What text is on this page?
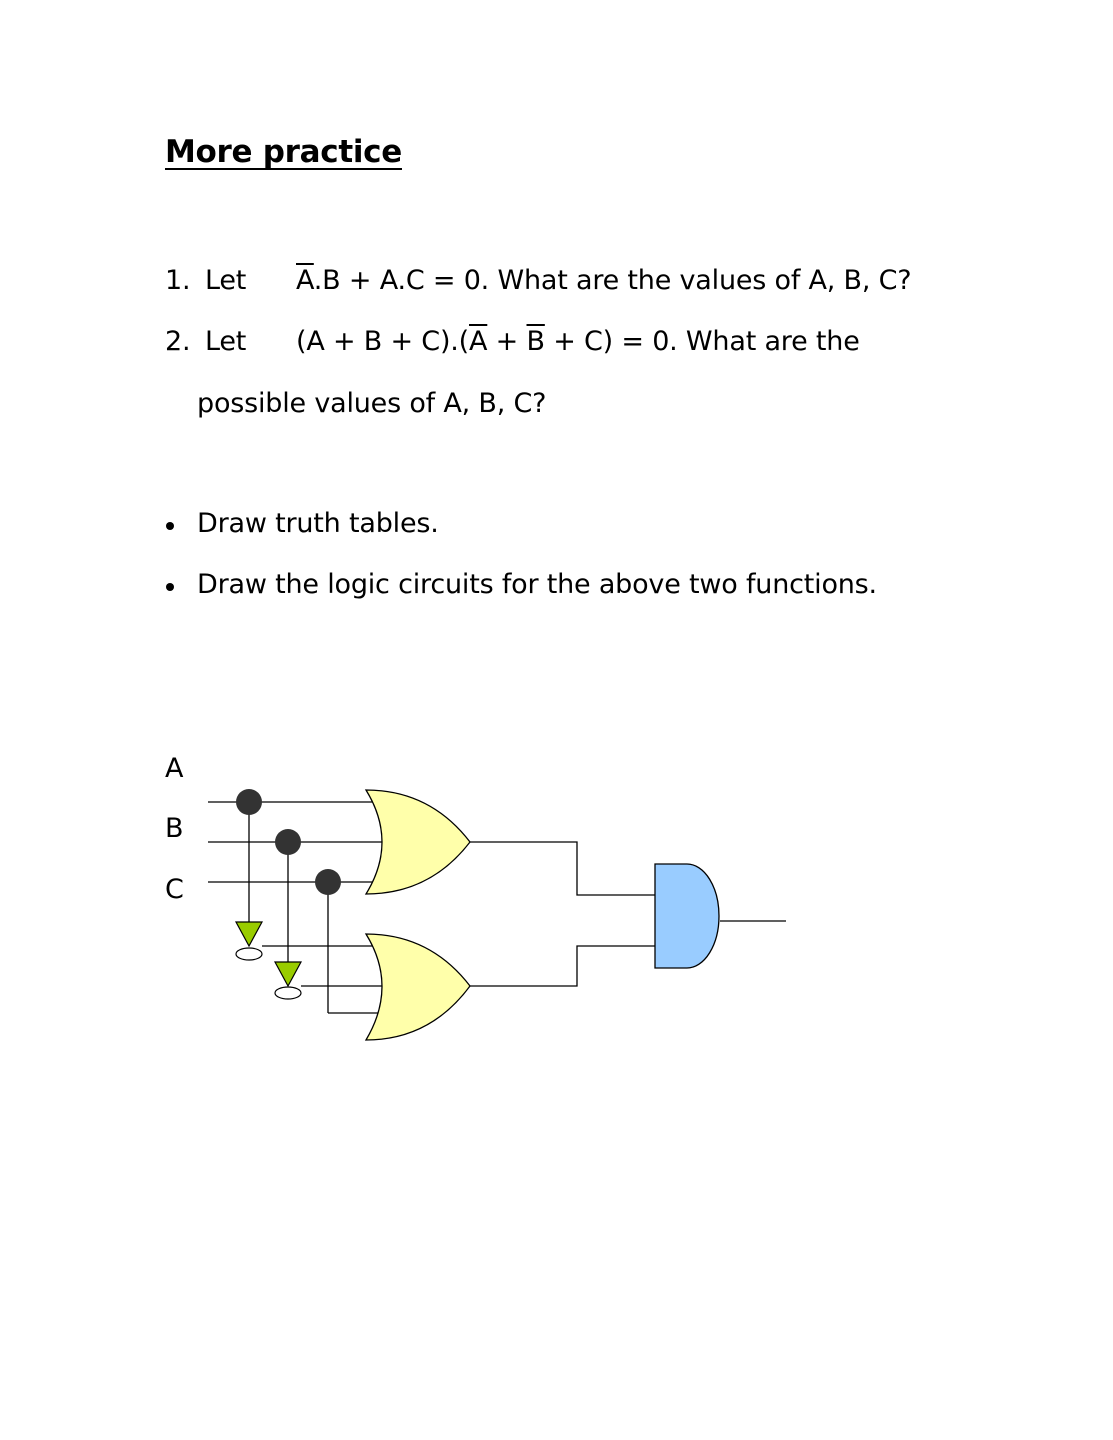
More practice
1. Let $\overline{A}.B + A.C = 0$. What are the values of A, B, C?
2. Let $(A + B + C).(\overline{A} + \overline{B} + C) = 0$. What are the
possible values of A, B, C?
Draw truth tables.
Draw the logic circuits for the above two functions.
A
B
C
